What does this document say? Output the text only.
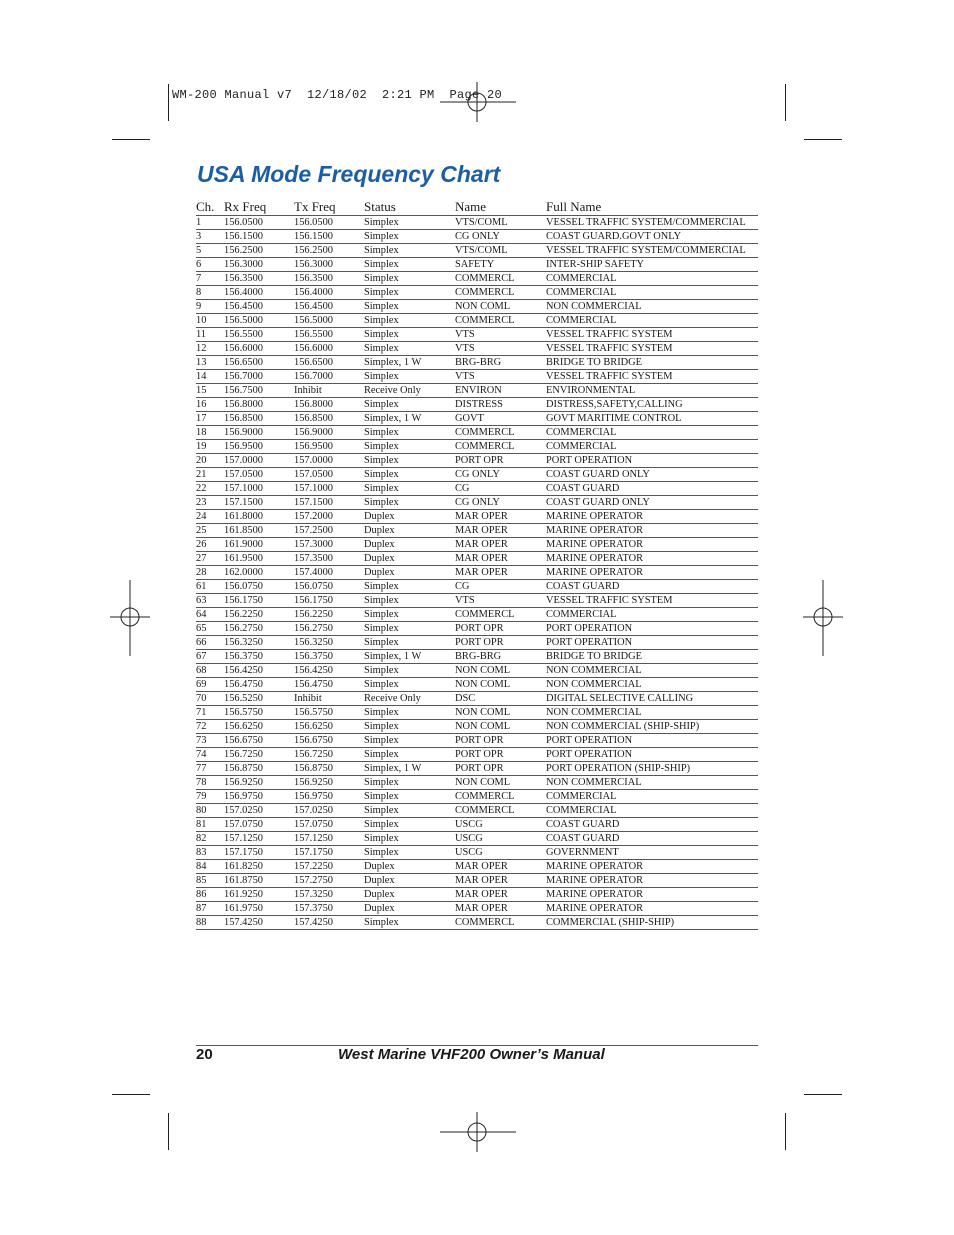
WM-200 Manual v7  12/18/02  2:21 PM  Page 20
USA Mode Frequency Chart
Ch. Rx Freq	Tx Freq	Status	Name	Full Name
1	156.0500	156.0500	Simplex	VTS/COML	VESSEL TRAFFIC SYSTEM/COMMERCIAL
3	156.1500	156.1500	Simplex	CG ONLY	COAST GUARD.GOVT ONLY
5	156.2500	156.2500	Simplex	VTS/COML	VESSEL TRAFFIC SYSTEM/COMMERCIAL
6	156.3000	156.3000	Simplex	SAFETY	INTER-SHIP SAFETY
7	156.3500	156.3500	Simplex	COMMERCL	COMMERCIAL
8	156.4000	156.4000	Simplex	COMMERCL	COMMERCIAL
9	156.4500	156.4500	Simplex	NON COML	NON COMMERCIAL
10	156.5000	156.5000	Simplex	COMMERCL	COMMERCIAL
11	156.5500	156.5500	Simplex	VTS	VESSEL TRAFFIC SYSTEM
12	156.6000	156.6000	Simplex	VTS	VESSEL TRAFFIC SYSTEM
13	156.6500	156.6500	Simplex, 1 W	BRG-BRG	BRIDGE TO BRIDGE
14	156.7000	156.7000	Simplex	VTS	VESSEL TRAFFIC SYSTEM
15	156.7500	Inhibit	Receive Only	ENVIRON	ENVIRONMENTAL
16	156.8000	156.8000	Simplex	DISTRESS	DISTRESS,SAFETY,CALLING
17	156.8500	156.8500	Simplex, 1 W	GOVT	GOVT MARITIME CONTROL
18	156.9000	156.9000	Simplex	COMMERCL	COMMERCIAL
19	156.9500	156.9500	Simplex	COMMERCL	COMMERCIAL
20	157.0000	157.0000	Simplex	PORT OPR	PORT OPERATION
21	157.0500	157.0500	Simplex	CG ONLY	COAST GUARD ONLY
22	157.1000	157.1000	Simplex	CG	COAST GUARD
23	157.1500	157.1500	Simplex	CG ONLY	COAST GUARD ONLY
24	161.8000	157.2000	Duplex	MAR OPER	MARINE OPERATOR
25	161.8500	157.2500	Duplex	MAR OPER	MARINE OPERATOR
26	161.9000	157.3000	Duplex	MAR OPER	MARINE OPERATOR
27	161.9500	157.3500	Duplex	MAR OPER	MARINE OPERATOR
28	162.0000	157.4000	Duplex	MAR OPER	MARINE OPERATOR
61	156.0750	156.0750	Simplex	CG	COAST GUARD
63	156.1750	156.1750	Simplex	VTS	VESSEL TRAFFIC SYSTEM
64	156.2250	156.2250	Simplex	COMMERCL	COMMERCIAL
65	156.2750	156.2750	Simplex	PORT OPR	PORT OPERATION
66	156.3250	156.3250	Simplex	PORT OPR	PORT OPERATION
67	156.3750	156.3750	Simplex, 1 W	BRG-BRG	BRIDGE TO BRIDGE
68	156.4250	156.4250	Simplex	NON COML	NON COMMERCIAL
69	156.4750	156.4750	Simplex	NON COML	NON COMMERCIAL
70	156.5250	Inhibit	Receive Only	DSC	DIGITAL SELECTIVE CALLING
71	156.5750	156.5750	Simplex	NON COML	NON COMMERCIAL
72	156.6250	156.6250	Simplex	NON COML	NON COMMERCIAL (SHIP-SHIP)
73	156.6750	156.6750	Simplex	PORT OPR	PORT OPERATION
74	156.7250	156.7250	Simplex	PORT OPR	PORT OPERATION
77	156.8750	156.8750	Simplex, 1 W	PORT OPR	PORT OPERATION (SHIP-SHIP)
78	156.9250	156.9250	Simplex	NON COML	NON COMMERCIAL
79	156.9750	156.9750	Simplex	COMMERCL	COMMERCIAL
80	157.0250	157.0250	Simplex	COMMERCL	COMMERCIAL
81	157.0750	157.0750	Simplex	USCG	COAST GUARD
82	157.1250	157.1250	Simplex	USCG	COAST GUARD
83	157.1750	157.1750	Simplex	USCG	GOVERNMENT
84	161.8250	157.2250	Duplex	MAR OPER	MARINE OPERATOR
85	161.8750	157.2750	Duplex	MAR OPER	MARINE OPERATOR
86	161.9250	157.3250	Duplex	MAR OPER	MARINE OPERATOR
87	161.9750	157.3750	Duplex	MAR OPER	MARINE OPERATOR
88	157.4250	157.4250	Simplex	COMMERCL	COMMERCIAL (SHIP-SHIP)
20	West Marine VHF200 Owner’s Manual
